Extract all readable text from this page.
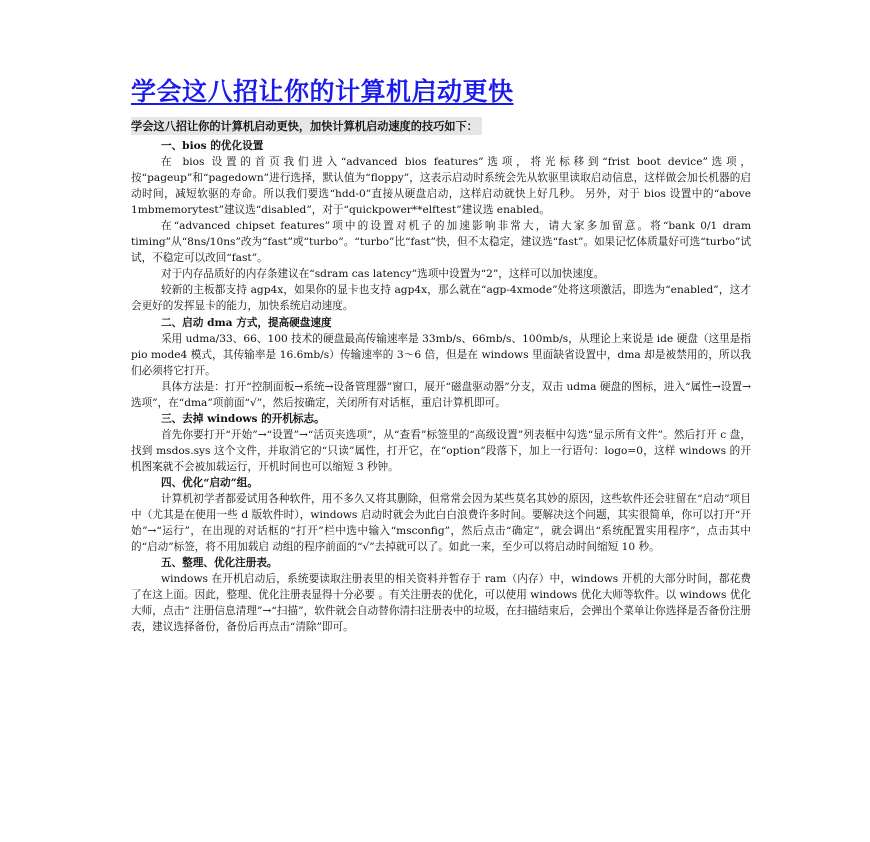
学会这八招让你的计算机启动更快
学会这八招让你的计算机启动更快，加快计算机启动速度的技巧如下：

一、bios 的优化设置

在 bios 设置的首页我们进入“advanced bios features”选项，将光标移到“frist boot device”选项，按“pageup”和“pagedown”进行选择，默认值为“floppy”，这表示启动时系统会先从软驱里读取启动信息，这样做会加长机器的启动时间，减短软驱的寿命。所以我们要选“hdd-0”直接从硬盘启动，这样启动就快上好几秒。 另外，对于 bios 设置中的“above 1mbmemorytest”建议选“disabled”，对于“quickpower**elftest”建议选 enabled。

在“advanced chipset features”项中的设置对机子的加速影响非常大，请大家多加留意。将“bank 0/1 dram timing”从“8ns/10ns”改为“fast”或“turbo”。“turbo”比“fast”快，但不太稳定，建议选“fast”。如果记忆体质量好可选“turbo”试试，不稳定可以改回“fast”。

对于内存品质好的内存条建议在“sdram cas latency”选项中设置为“2”，这样可以加快速度。

较新的主板都支持 agp4x，如果你的显卡也支持 agp4x，那么就在“agp-4xmode”处将这项激活，即选为“enabled”，这才会更好的发挥显卡的能力，加快系统启动速度。

二、启动 dma 方式，提高硬盘速度

采用 udma/33、66、100 技术的硬盘最高传输速率是 33mb/s、66mb/s、100mb/s，从理论上来说是 ide 硬盘（这里是指 pio mode4 模式，其传输率是 16.6mb/s）传输速率的 3～6 倍，但是在 windows 里面缺省设置中，dma 却是被禁用的，所以我们必须将它打开。

具体方法是：打开“控制面板→系统→设备管理器”窗口，展开“磁盘驱动器”分支，双击 udma 硬盘的图标，进入“属性→设置→选项”，在“dma”项前面“√”，然后按确定，关闭所有对话框，重启计算机即可。

三、去掉 windows 的开机标志。

首先你要打开“开始”→“设置”→“活页夹选项”，从“查看”标签里的“高级设置”列表框中勾选“显示所有文件”。然后打开 c 盘，找到 msdos.sys 这个文件，并取消它的“只读”属性，打开它，在“option”段落下，加上一行语句：logo=0，这样 windows 的开机图案就不会被加载运行，开机时间也可以缩短 3 秒钟。

四、优化“启动”组。

计算机初学者都爱试用各种软件，用不多久又将其删除，但常常会因为某些莫名其妙的原因，这些软件还会驻留在“启动”项目中（尤其是在使用一些 d 版软件时），windows 启动时就会为此白白浪费许多时间。要解决这个问题，其实很简单，你可以打开“开始”→“运行”，在出现的对话框的“打开”栏中选中输入“msconfig”，然后点击“确定”，就会调出“系统配置实用程序”，点击其中的“启动”标签，将不用加载启 动组的程序前面的“√”去掉就可以了。如此一来，至少可以将启动时间缩短 10 秒。

五、整理、优化注册表。

windows 在开机启动后，系统要读取注册表里的相关资料并暂存于 ram（内存）中，windows 开机的大部分时间，都花费了在这上面。因此，整理、优化注册表显得十分必要 。有关注册表的优化，可以使用 windows 优化大师等软件。以 windows 优化大师，点击“ 注册信息清理”→“扫描”，软件就会自动替你清扫注册表中的垃圾，在扫描结束后，会弹出个菜单让你选择是否备份注册表，建议选择备份，备份后再点击“清除”即可。
